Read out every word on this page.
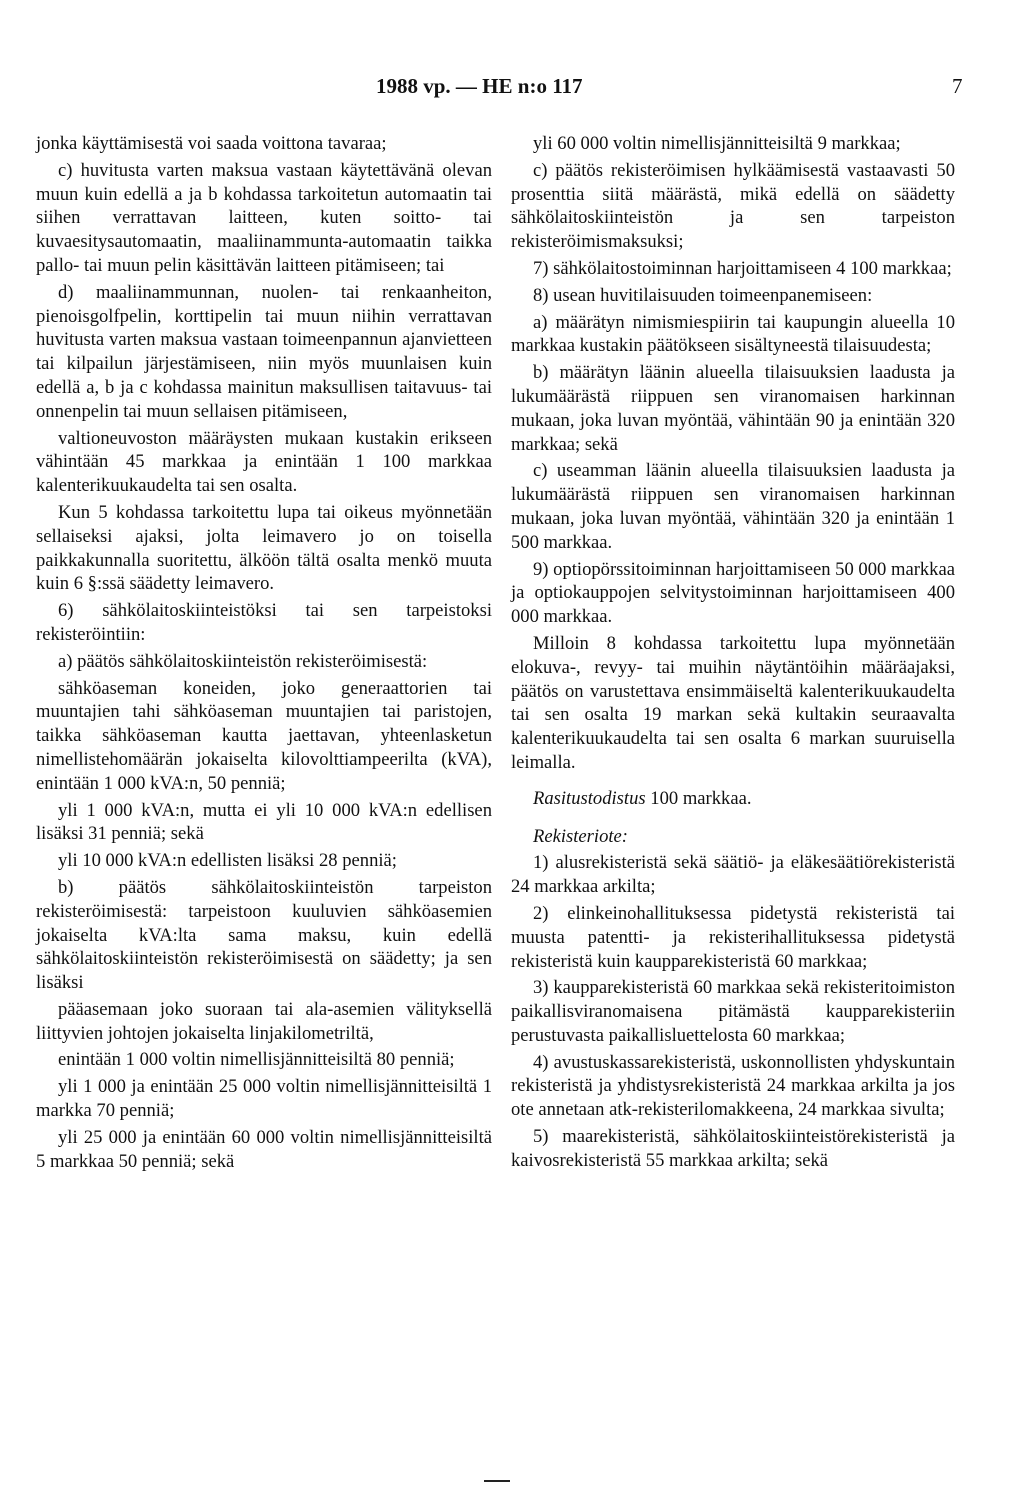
1988 vp. — HE n:o 117	7

jonka käyttämisestä voi saada voittona tavaraa;

c) huvitusta varten maksua vastaan käytettävänä olevan muun kuin edellä a ja b kohdassa tarkoitetun automaatin tai siihen verrattavan laitteen, kuten soitto- tai kuvaesitysautomaatin, maaliinammunta-automaatin taikka pallo- tai muun pelin käsittävän laitteen pitämiseen; tai

d) maaliinammunnan, nuolen- tai renkaanheiton, pienoisgolfpelin, korttipelin tai muun niihin verrattavan huvitusta varten maksua vastaan toimeenpannun ajanvietteen tai kilpailun järjestämiseen, niin myös muunlaisen kuin edellä a, b ja c kohdassa mainitun maksullisen taitavuus- tai onnenpelin tai muun sellaisen pitämiseen,

valtioneuvoston määräysten mukaan kustakin erikseen vähintään 45 markkaa ja enintään 1 100 markkaa kalenterikuukaudelta tai sen osalta.

Kun 5 kohdassa tarkoitettu lupa tai oikeus myönnetään sellaiseksi ajaksi, jolta leimavero jo on toisella paikkakunnalla suoritettu, älköön tältä osalta menkö muuta kuin 6 §:ssä säädetty leimavero.

6) sähkölaitoskiinteistöksi tai sen tarpeistoksi rekisteröintiin:

a) päätös sähkölaitoskiinteistön rekisteröimisestä:

sähköaseman koneiden, joko generaattorien tai muuntajien tahi sähköaseman muuntajien tai paristojen, taikka sähköaseman kautta jaettavan, yhteenlasketun nimellistehomäärän jokaiselta kilovolttiampeerilta (kVA), enintään 1 000 kVA:n, 50 penniä;

yli 1 000 kVA:n, mutta ei yli 10 000 kVA:n edellisen lisäksi 31 penniä; sekä

yli 10 000 kVA:n edellisten lisäksi 28 penniä;

b) päätös sähkölaitoskiinteistön tarpeiston rekisteröimisestä: tarpeistoon kuuluvien sähköasemien jokaiselta kVA:lta sama maksu, kuin edellä sähkölaitoskiinteistön rekisteröimisestä on säädetty; ja sen lisäksi

pääasemaan joko suoraan tai ala-asemien välityksellä liittyvien johtojen jokaiselta linjakilometriltä,

enintään 1 000 voltin nimellisjännitteisiltä 80 penniä;

yli 1 000 ja enintään 25 000 voltin nimellisjännitteisiltä 1 markka 70 penniä;

yli 25 000 ja enintään 60 000 voltin nimellisjännitteisiltä 5 markkaa 50 penniä; sekä

yli 60 000 voltin nimellisjännitteisiltä 9 markkaa;

c) päätös rekisteröimisen hylkäämisestä vastaavasti 50 prosenttia siitä määrästä, mikä edellä on säädetty sähkölaitoskiinteistön ja sen tarpeiston rekisteröimismaksuksi;

7) sähkölaitostoiminnan harjoittamiseen 4 100 markkaa;

8) usean huvitilaisuuden toimeenpanemiseen:

a) määrätyn nimismiespiirin tai kaupungin alueella 10 markkaa kustakin päätökseen sisältyneestä tilaisuudesta;

b) määrätyn läänin alueella tilaisuuksien laadusta ja lukumäärästä riippuen sen viranomaisen harkinnan mukaan, joka luvan myöntää, vähintään 90 ja enintään 320 markkaa; sekä

c) useamman läänin alueella tilaisuuksien laadusta ja lukumäärästä riippuen sen viranomaisen harkinnan mukaan, joka luvan myöntää, vähintään 320 ja enintään 1 500 markkaa.

9) optiopörssitoiminnan harjoittamiseen 50 000 markkaa ja optiokauppojen selvitystoiminnan harjoittamiseen 400 000 markkaa.

Milloin 8 kohdassa tarkoitettu lupa myönnetään elokuva-, revyy- tai muihin näytäntöihin määräajaksi, päätös on varustettava ensimmäiseltä kalenterikuukaudelta tai sen osalta 19 markan sekä kultakin seuraavalta kalenterikuukaudelta tai sen osalta 6 markan suuruisella leimalla.

Rasitustodistus 100 markkaa.

Rekisteriote:

1) alusrekisteristä sekä säätiö- ja eläkesäätiörekisteristä 24 markkaa arkilta;

2) elinkeinohallituksessa pidetystä rekisteristä tai muusta patentti- ja rekisterihallituksessa pidetystä rekisteristä kuin kaupparekisteristä 60 markkaa;

3) kaupparekisteristä 60 markkaa sekä rekisteritoimiston paikallisviranomaisena pitämästä kaupparekisteriin perustuvasta paikallisluettelosta 60 markkaa;

4) avustuskassarekisteristä, uskonnollisten yhdyskuntain rekisteristä ja yhdistysrekisteristä 24 markkaa arkilta ja jos ote annetaan atk-rekisterilomakkeena, 24 markkaa sivulta;

5) maarekisteristä, sähkölaitoskiinteistörekisteristä ja kaivosrekisteristä 55 markkaa arkilta; sekä
